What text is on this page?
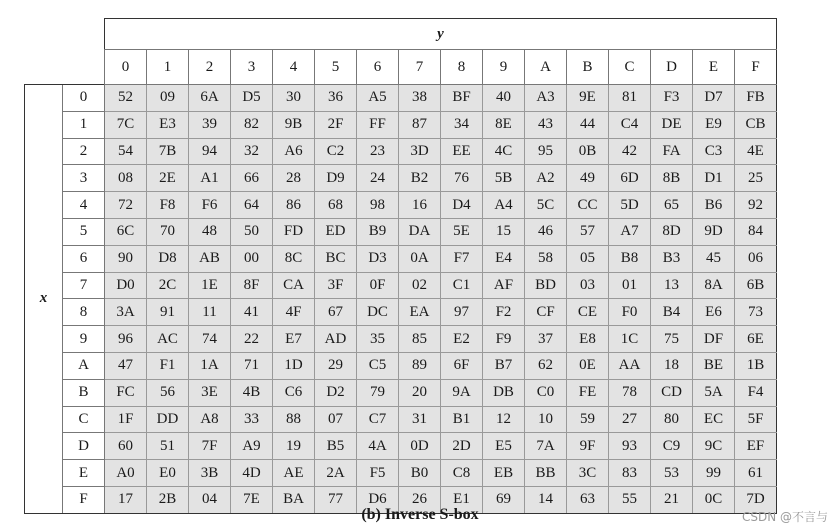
		y															
		0	1	2	3	4	5	6	7	8	9	A	B	C	D	E	F
x	0	52	09	6A	D5	30	36	A5	38	BF	40	A3	9E	81	F3	D7	FB
	1	7C	E3	39	82	9B	2F	FF	87	34	8E	43	44	C4	DE	E9	CB
	2	54	7B	94	32	A6	C2	23	3D	EE	4C	95	0B	42	FA	C3	4E
	3	08	2E	A1	66	28	D9	24	B2	76	5B	A2	49	6D	8B	D1	25
	4	72	F8	F6	64	86	68	98	16	D4	A4	5C	CC	5D	65	B6	92
	5	6C	70	48	50	FD	ED	B9	DA	5E	15	46	57	A7	8D	9D	84
	6	90	D8	AB	00	8C	BC	D3	0A	F7	E4	58	05	B8	B3	45	06
	7	D0	2C	1E	8F	CA	3F	0F	02	C1	AF	BD	03	01	13	8A	6B
	8	3A	91	11	41	4F	67	DC	EA	97	F2	CF	CE	F0	B4	E6	73
	9	96	AC	74	22	E7	AD	35	85	E2	F9	37	E8	1C	75	DF	6E
	A	47	F1	1A	71	1D	29	C5	89	6F	B7	62	0E	AA	18	BE	1B
	B	FC	56	3E	4B	C6	D2	79	20	9A	DB	C0	FE	78	CD	5A	F4
	C	1F	DD	A8	33	88	07	C7	31	B1	12	10	59	27	80	EC	5F
	D	60	51	7F	A9	19	B5	4A	0D	2D	E5	7A	9F	93	C9	9C	EF
	E	A0	E0	3B	4D	AE	2A	F5	B0	C8	EB	BB	3C	83	53	99	61
	F	17	2B	04	7E	BA	77	D6	26	E1	69	14	63	55	21	0C	7D
(b) Inverse S-box	CSDN @不言与
